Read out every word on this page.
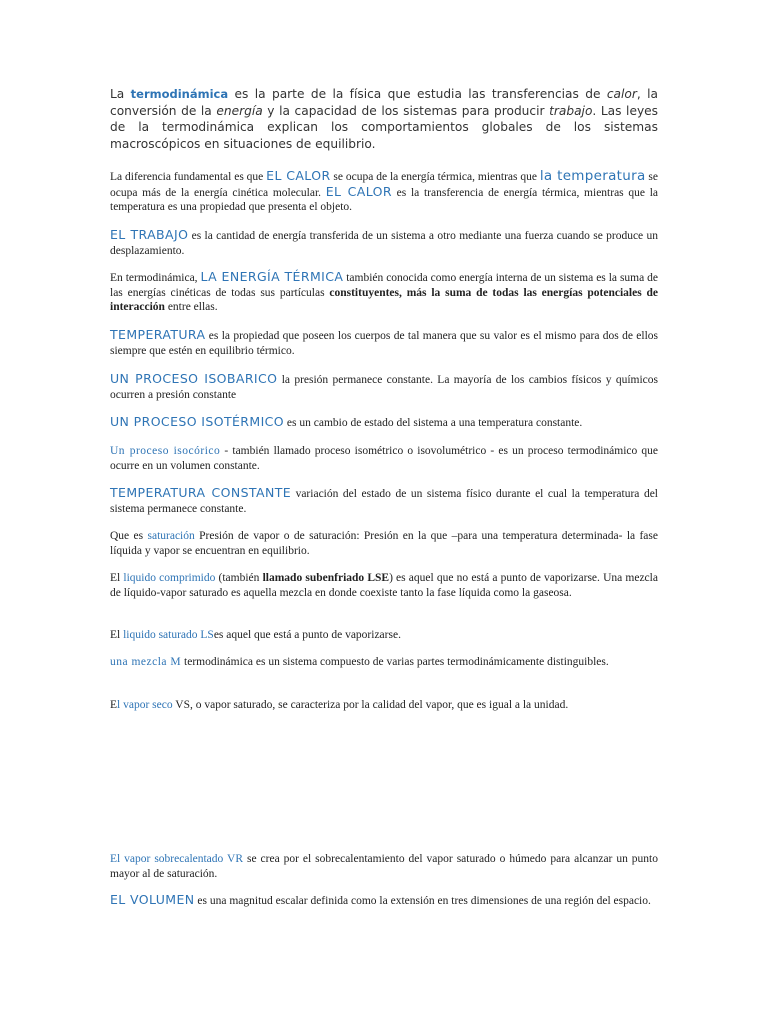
La termodinámica es la parte de la física que estudia las transferencias de calor, la conversión de la energía y la capacidad de los sistemas para producir trabajo. Las leyes de la termodinámica explican los comportamientos globales de los sistemas macroscópicos en situaciones de equilibrio.

La diferencia fundamental es que EL CALOR se ocupa de la energía térmica, mientras que la temperatura se ocupa más de la energía cinética molecular. EL CALOR es la transferencia de energía térmica, mientras que la temperatura es una propiedad que presenta el objeto.

EL TRABAJO es la cantidad de energía transferida de un sistema a otro mediante una fuerza cuando se produce un desplazamiento.

En termodinámica, LA ENERGÍA TÉRMICA también conocida como energía interna de un sistema es la suma de las energías cinéticas de todas sus partículas constituyentes, más la suma de todas las energías potenciales de interacción entre ellas.

TEMPERATURA es la propiedad que poseen los cuerpos de tal manera que su valor es el mismo para dos de ellos siempre que estén en equilibrio térmico.

UN PROCESO ISOBARICO la presión permanece constante. La mayoría de los cambios físicos y químicos ocurren a presión constante

UN PROCESO ISOTÉRMICO es un cambio de estado del sistema a una temperatura constante.

Un proceso isocórico - también llamado proceso isométrico o isovolumétrico - es un proceso termodinámico que ocurre en un volumen constante.

TEMPERATURA CONSTANTE variación del estado de un sistema físico durante el cual la temperatura del sistema permanece constante.

Que es saturación Presión de vapor o de saturación: Presión en la que –para una temperatura determinada- la fase líquida y vapor se encuentran en equilibrio.

El liquido comprimido (también llamado subenfriado LSE) es aquel que no está a punto de vaporizarse. Una mezcla de líquido-vapor saturado es aquella mezcla en donde coexiste tanto la fase líquida como la gaseosa.

El liquido saturado LSes aquel que está a punto de vaporizarse.

una mezcla M termodinámica es un sistema compuesto de varias partes termodinámicamente distinguibles.

El vapor seco VS, o vapor saturado, se caracteriza por la calidad del vapor, que es igual a la unidad.

El vapor sobrecalentado VR se crea por el sobrecalentamiento del vapor saturado o húmedo para alcanzar un punto mayor al de saturación.

EL VOLUMEN es una magnitud escalar definida como la extensión en tres dimensiones de una región del espacio.
